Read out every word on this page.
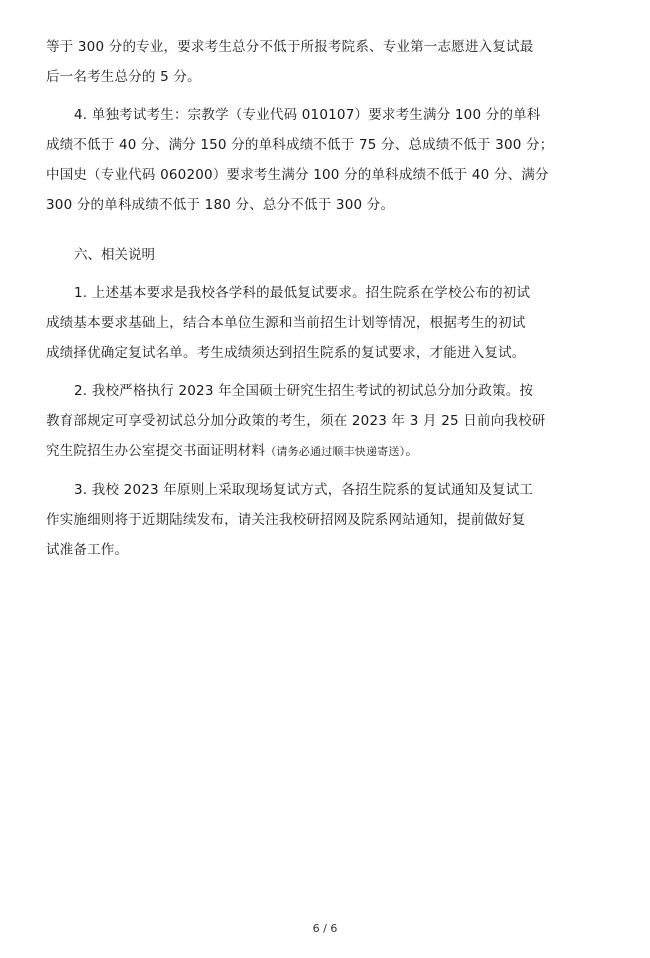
等于 300 分的专业，要求考生总分不低于所报考院系、专业第一志愿进入复试最
后一名考生总分的 5 分。
4. 单独考试考生：宗教学（专业代码 010107）要求考生满分 100 分的单科
成绩不低于 40 分、满分 150 分的单科成绩不低于 75 分、总成绩不低于 300 分；
中国史（专业代码 060200）要求考生满分 100 分的单科成绩不低于 40 分、满分
300 分的单科成绩不低于 180 分、总分不低于 300 分。
六、相关说明
1. 上述基本要求是我校各学科的最低复试要求。招生院系在学校公布的初试
成绩基本要求基础上，结合本单位生源和当前招生计划等情况，根据考生的初试
成绩择优确定复试名单。考生成绩须达到招生院系的复试要求，才能进入复试。
2. 我校严格执行 2023 年全国硕士研究生招生考试的初试总分加分政策。按
教育部规定可享受初试总分加分政策的考生，须在 2023 年 3 月 25 日前向我校研
究生院招生办公室提交书面证明材料（请务必通过顺丰快递寄送）。
3. 我校 2023 年原则上采取现场复试方式，各招生院系的复试通知及复试工
作实施细则将于近期陆续发布，请关注我校研招网及院系网站通知，提前做好复
试准备工作。
6 / 6
